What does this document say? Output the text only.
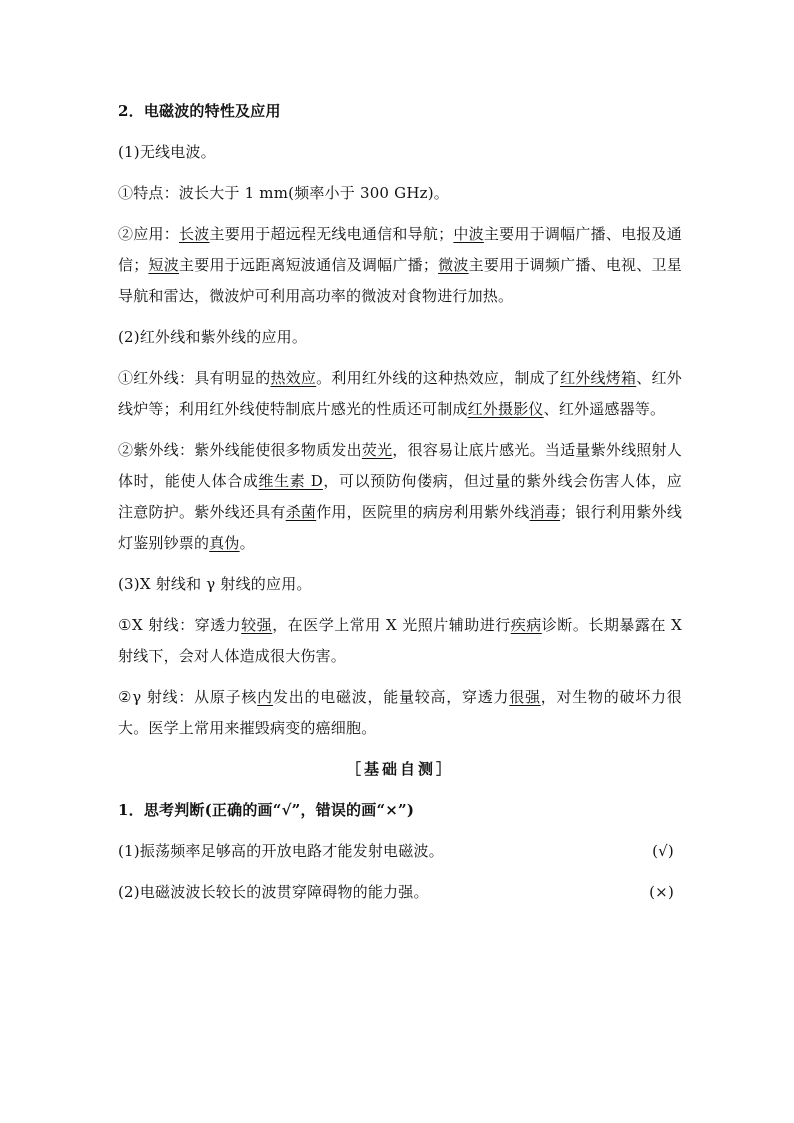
2．电磁波的特性及应用

(1)无线电波。

①特点：波长大于 1 mm(频率小于 300 GHz)。

②应用：长波主要用于超远程无线电通信和导航；中波主要用于调幅广播、电报及通信；短波主要用于远距离短波通信及调幅广播；微波主要用于调频广播、电视、卫星导航和雷达，微波炉可利用高功率的微波对食物进行加热。

(2)红外线和紫外线的应用。

①红外线：具有明显的热效应。利用红外线的这种热效应，制成了红外线烤箱、红外线炉等；利用红外线使特制底片感光的性质还可制成红外摄影仪、红外遥感器等。

②紫外线：紫外线能使很多物质发出荧光，很容易让底片感光。当适量紫外线照射人体时，能使人体合成维生素 D，可以预防佝偻病，但过量的紫外线会伤害人体，应注意防护。紫外线还具有杀菌作用，医院里的病房利用紫外线消毒；银行利用紫外线灯鉴别钞票的真伪。

(3)X 射线和 γ 射线的应用。

①X 射线：穿透力较强，在医学上常用 X 光照片辅助进行疾病诊断。长期暴露在 X 射线下，会对人体造成很大伤害。

②γ 射线：从原子核内发出的电磁波，能量较高，穿透力很强，对生物的破坏力很大。医学上常用来摧毁病变的癌细胞。

［基础自测］

1．思考判断(正确的画“√”，错误的画“×”)

(1)振荡频率足够高的开放电路才能发射电磁波。	(√)

(2)电磁波波长较长的波贯穿障碍物的能力强。	(×)
